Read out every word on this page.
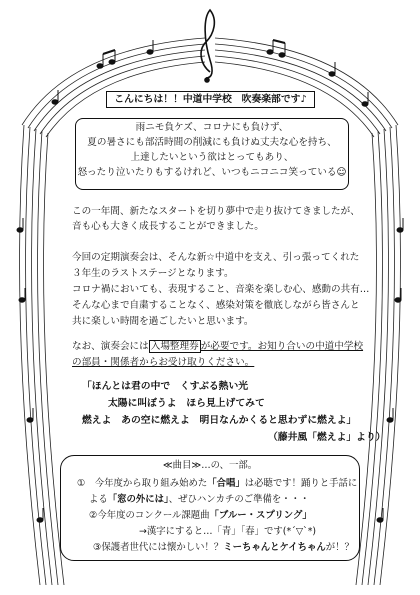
こんにちは！！中道中学校　吹奏楽部です♪
雨ニモ負ケズ、コロナにも負けず、
夏の暑さにも部活時間の削減にも負けぬ丈夫な心を持ち、
上達したいという欲はとってもあり、
怒ったり泣いたりもするけれど、いつもニコニコ笑っている☺
この一年間、新たなスタートを切り夢中で走り抜けてきましたが、
音も心も大きく成長することができました。
今回の定期演奏会は、そんな新☆中道中を支え、引っ張ってくれた
３年生のラストステージとなります。
コロナ禍においても、表現すること、音楽を楽しむ心、感動の共有…
そんな心まで自粛することなく、感染対策を徹底しながら皆さんと
共に楽しい時間を過ごしたいと思います。
なお、演奏会には 入場整理券 が必要です。お知り合いの中道中学校
の部員・関係者からお受け取りください。
「ほんとは君の中で　くすぶる熱い光
太陽に叫ぼうよ　ほら見上げてみて
燃えよ　あの空に燃えよ　明日なんかくると思わずに燃えよ」
（藤井風「燃えよ」より）
≪曲目≫…の、一部。
①　今年度から取り組み始めた「合唱」は必聴です！踊りと手話に
よる「窓の外には」、ぜひハンカチのご準備を・・・
②今年度のコンクール課題曲「ブルー・スプリング」
→漢字にすると…「青」「春」です(*´▽`*)
③保護者世代には懐かしい！？ミーちゃんとケイちゃんが！？
